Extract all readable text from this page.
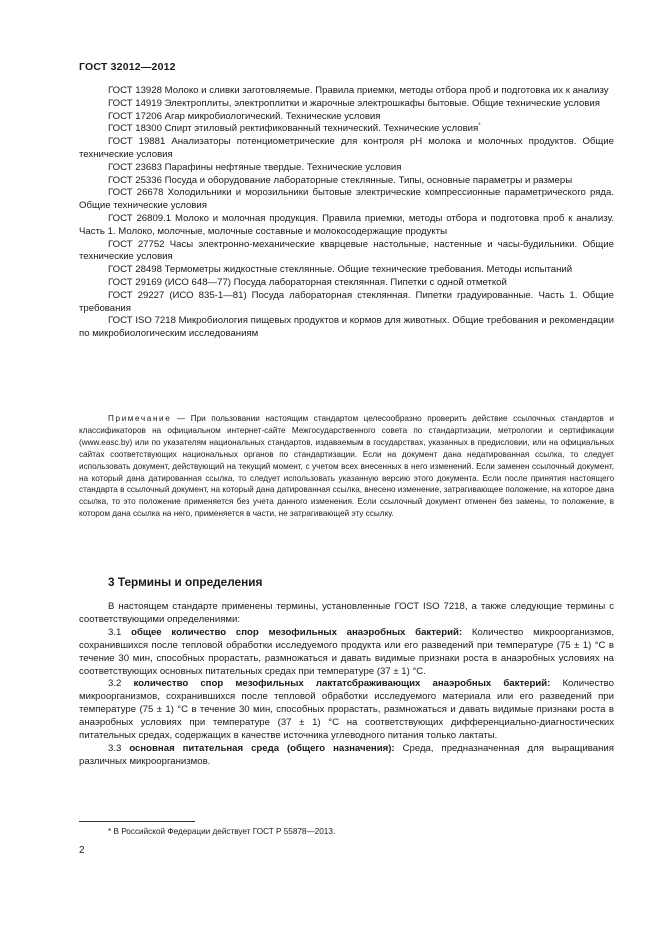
ГОСТ 32012—2012

ГОСТ 13928 Молоко и сливки заготовляемые. Правила приемки, методы отбора проб и подготовка их к анализу

ГОСТ 14919 Электроплиты, электроплитки и жарочные электрошкафы бытовые. Общие технические условия

ГОСТ 17206 Агар микробиологический. Технические условия

ГОСТ 18300 Спирт этиловый ректификованный технический. Технические условия*

ГОСТ 19881 Анализаторы потенциометрические для контроля pH молока и молочных продуктов. Общие технические условия

ГОСТ 23683 Парафины нефтяные твердые. Технические условия

ГОСТ 25336 Посуда и оборудование лабораторные стеклянные. Типы, основные параметры и размеры

ГОСТ 26678 Холодильники и морозильники бытовые электрические компрессионные параметрического ряда. Общие технические условия

ГОСТ 26809.1 Молоко и молочная продукция. Правила приемки, методы отбора и подготовка проб к анализу. Часть 1. Молоко, молочные, молочные составные и молокосодержащие продукты

ГОСТ 27752 Часы электронно-механические кварцевые настольные, настенные и часы-будильники. Общие технические условия

ГОСТ 28498 Термометры жидкостные стеклянные. Общие технические требования. Методы испытаний

ГОСТ 29169 (ИСО 648—77) Посуда лабораторная стеклянная. Пипетки с одной отметкой

ГОСТ 29227 (ИСО 835-1—81) Посуда лабораторная стеклянная. Пипетки градуированные. Часть 1. Общие требования

ГОСТ ISO 7218 Микробиология пищевых продуктов и кормов для животных. Общие требования и рекомендации по микробиологическим исследованиям

Примечание — При пользовании настоящим стандартом целесообразно проверить действие ссылочных стандартов и классификаторов на официальном интернет-сайте Межгосударственного совета по стандартизации, метрологии и сертификации (www.easc.by) или по указателям национальных стандартов, издаваемым в государствах, указанных в предисловии, или на официальных сайтах соответствующих национальных органов по стандартизации. Если на документ дана недатированная ссылка, то следует использовать документ, действующий на текущий момент, с учетом всех внесенных в него изменений. Если заменен ссылочный документ, на который дана датированная ссылка, то следует использовать указанную версию этого документа. Если после принятия настоящего стандарта в ссылочный документ, на который дана датированная ссылка, внесено изменение, затрагивающее положение, на которое дана ссылка, то это положение применяется без учета данного изменения. Если ссылочный документ отменен без замены, то положение, в котором дана ссылка на него, применяется в части, не затрагивающей эту ссылку.

3 Термины и определения

В настоящем стандарте применены термины, установленные ГОСТ ISO 7218, а также следующие термины с соответствующими определениями:

3.1 общее количество спор мезофильных анаэробных бактерий: Количество микроорганизмов, сохранившихся после тепловой обработки исследуемого продукта или его разведений при температуре (75 ± 1) °С в течение 30 мин, способных прорастать, размножаться и давать видимые признаки роста в анаэробных условиях на соответствующих основных питательных средах при температуре (37 ± 1) °С.

3.2 количество спор мезофильных лактатсбраживающих анаэробных бактерий: Количество микроорганизмов, сохранившихся после тепловой обработки исследуемого материала или его разведений при температуре (75 ± 1) °С в течение 30 мин, способных прорастать, размножаться и давать видимые признаки роста в анаэробных условиях при температуре (37 ± 1) °С на соответствующих дифференциально-диагностических питательных средах, содержащих в качестве источника углеводного питания только лактаты.

3.3 основная питательная среда (общего назначения): Среда, предназначенная для выращивания различных микроорганизмов.

* В Российской Федерации действует ГОСТ Р 55878—2013.
2
